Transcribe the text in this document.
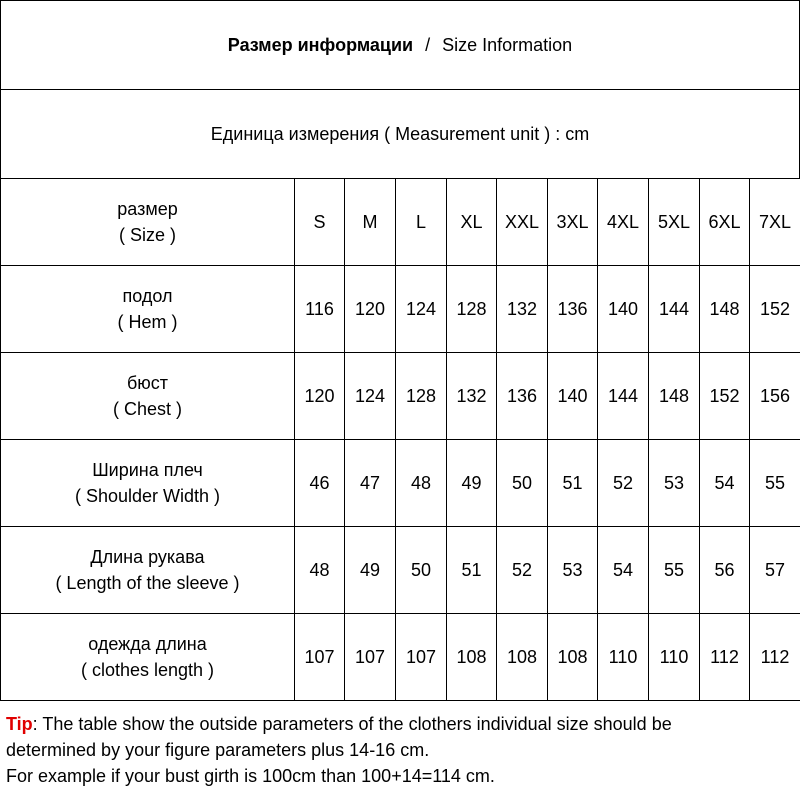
Размер информации / Size Information
Единица измерения ( Measurement unit ) : cm
размер
( Size )	S	M	L	XL	XXL	3XL	4XL	5XL	6XL	7XL

подол
( Hem )	116	120	124	128	132	136	140	144	148	152

бюст
( Chest )	120	124	128	132	136	140	144	148	152	156

Ширина плеч
( Shoulder Width )	46	47	48	49	50	51	52	53	54	55

Длина рукава
( Length of the sleeve )	48	49	50	51	52	53	54	55	56	57

одежда длина
( clothes length )	107	107	107	108	108	108	110	110	112	112
Tip: The table show the outside parameters of the clothers individual size should be
determined by your figure parameters plus 14-16 cm.
For example if your bust girth is 100cm than 100+14=114 cm.
